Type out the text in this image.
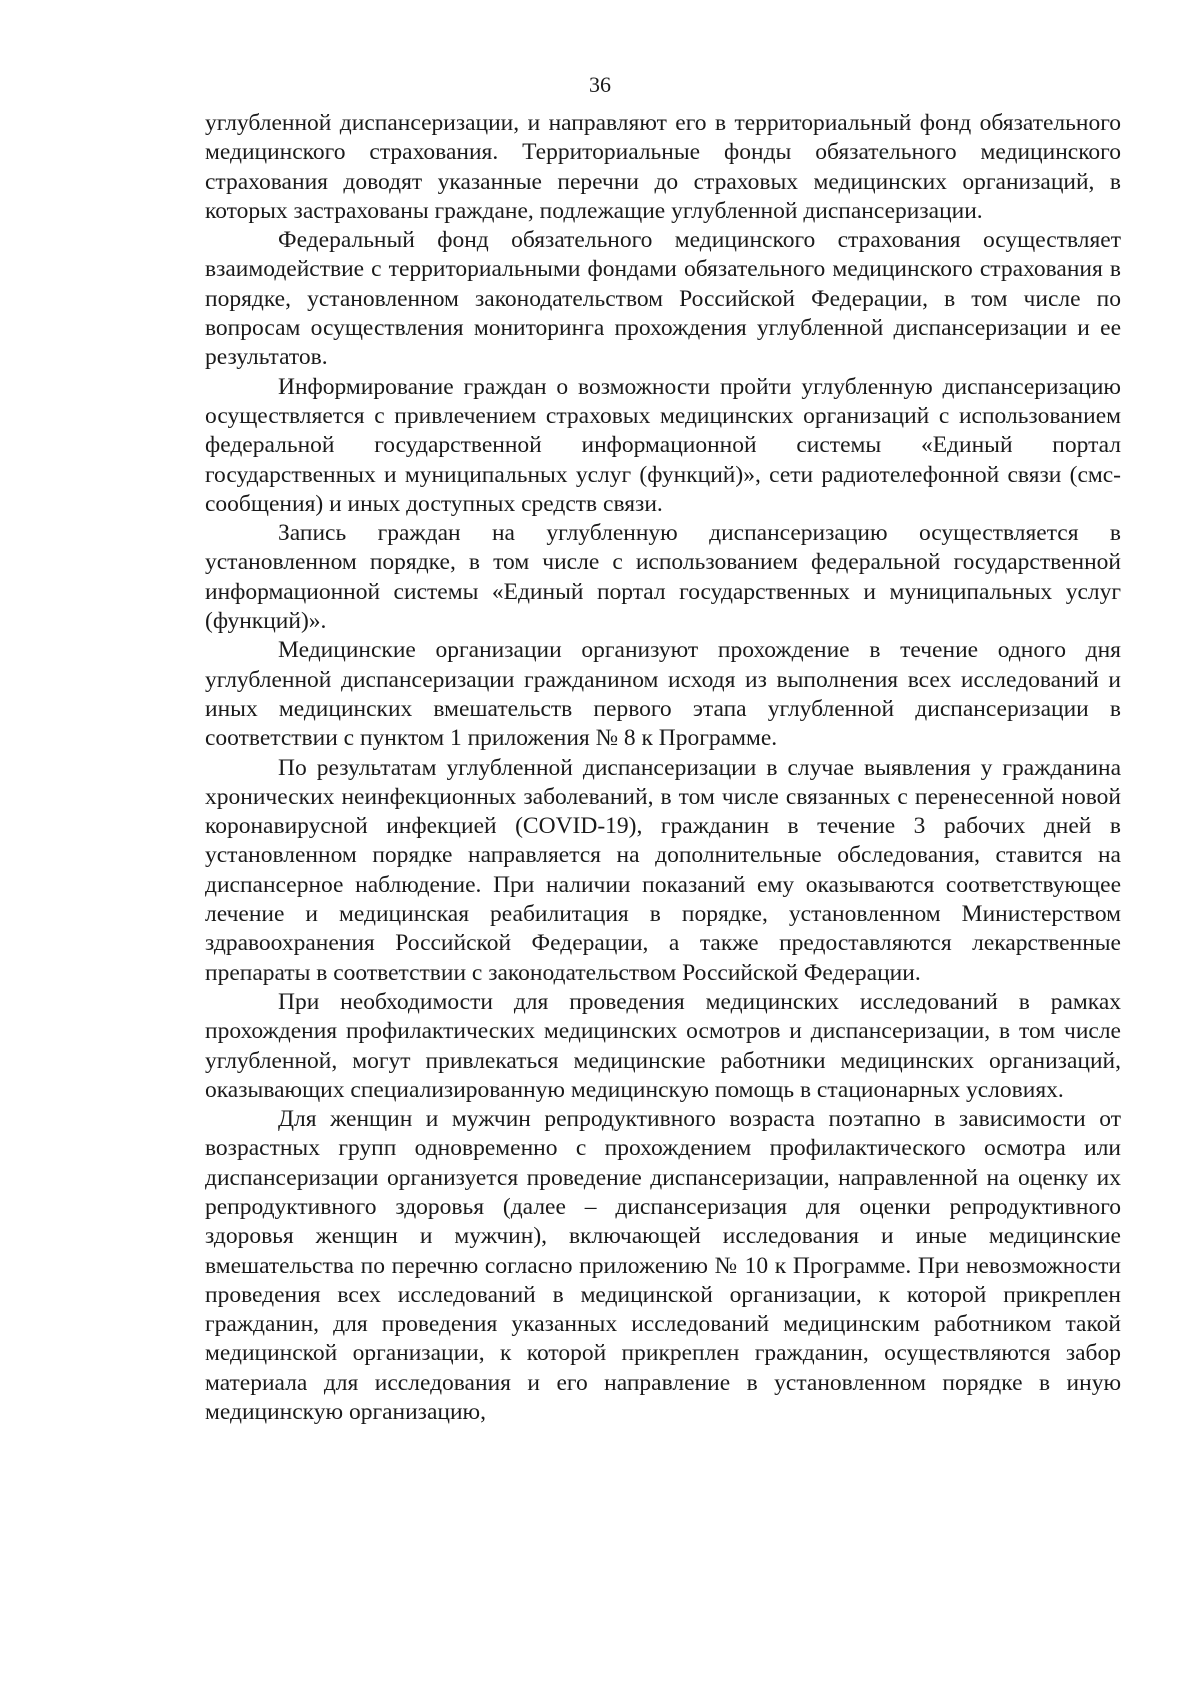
36

углубленной диспансеризации, и направляют его в территориальный фонд обязательного медицинского страхования. Территориальные фонды обязательного медицинского страхования доводят указанные перечни до страховых медицинских организаций, в которых застрахованы граждане, подлежащие углубленной диспансеризации.

Федеральный фонд обязательного медицинского страхования осуществляет взаимодействие с территориальными фондами обязательного медицинского страхования в порядке, установленном законодательством Российской Федерации, в том числе по вопросам осуществления мониторинга прохождения углубленной диспансеризации и ее результатов.

Информирование граждан о возможности пройти углубленную диспансеризацию осуществляется с привлечением страховых медицинских организаций с использованием федеральной государственной информационной системы «Единый портал государственных и муниципальных услуг (функций)», сети радиотелефонной связи (смс-сообщения) и иных доступных средств связи.

Запись граждан на углубленную диспансеризацию осуществляется в установленном порядке, в том числе с использованием федеральной государственной информационной системы «Единый портал государственных и муниципальных услуг (функций)».

Медицинские организации организуют прохождение в течение одного дня углубленной диспансеризации гражданином исходя из выполнения всех исследований и иных медицинских вмешательств первого этапа углубленной диспансеризации в соответствии с пунктом 1 приложения № 8 к Программе.

По результатам углубленной диспансеризации в случае выявления у гражданина хронических неинфекционных заболеваний, в том числе связанных с перенесенной новой коронавирусной инфекцией (COVID-19), гражданин в течение 3 рабочих дней в установленном порядке направляется на дополнительные обследования, ставится на диспансерное наблюдение. При наличии показаний ему оказываются соответствующее лечение и медицинская реабилитация в порядке, установленном Министерством здравоохранения Российской Федерации, а также предоставляются лекарственные препараты в соответствии с законодательством Российской Федерации.

При необходимости для проведения медицинских исследований в рамках прохождения профилактических медицинских осмотров и диспансеризации, в том числе углубленной, могут привлекаться медицинские работники медицинских организаций, оказывающих специализированную медицинскую помощь в стационарных условиях.

Для женщин и мужчин репродуктивного возраста поэтапно в зависимости от возрастных групп одновременно с прохождением профилактического осмотра или диспансеризации организуется проведение диспансеризации, направленной на оценку их репродуктивного здоровья (далее – диспансеризация для оценки репродуктивного здоровья женщин и мужчин), включающей исследования и иные медицинские вмешательства по перечню согласно приложению № 10 к Программе. При невозможности проведения всех исследований в медицинской организации, к которой прикреплен гражданин, для проведения указанных исследований медицинским работником такой медицинской организации, к которой прикреплен гражданин, осуществляются забор материала для исследования и его направление в установленном порядке в иную медицинскую организацию,
